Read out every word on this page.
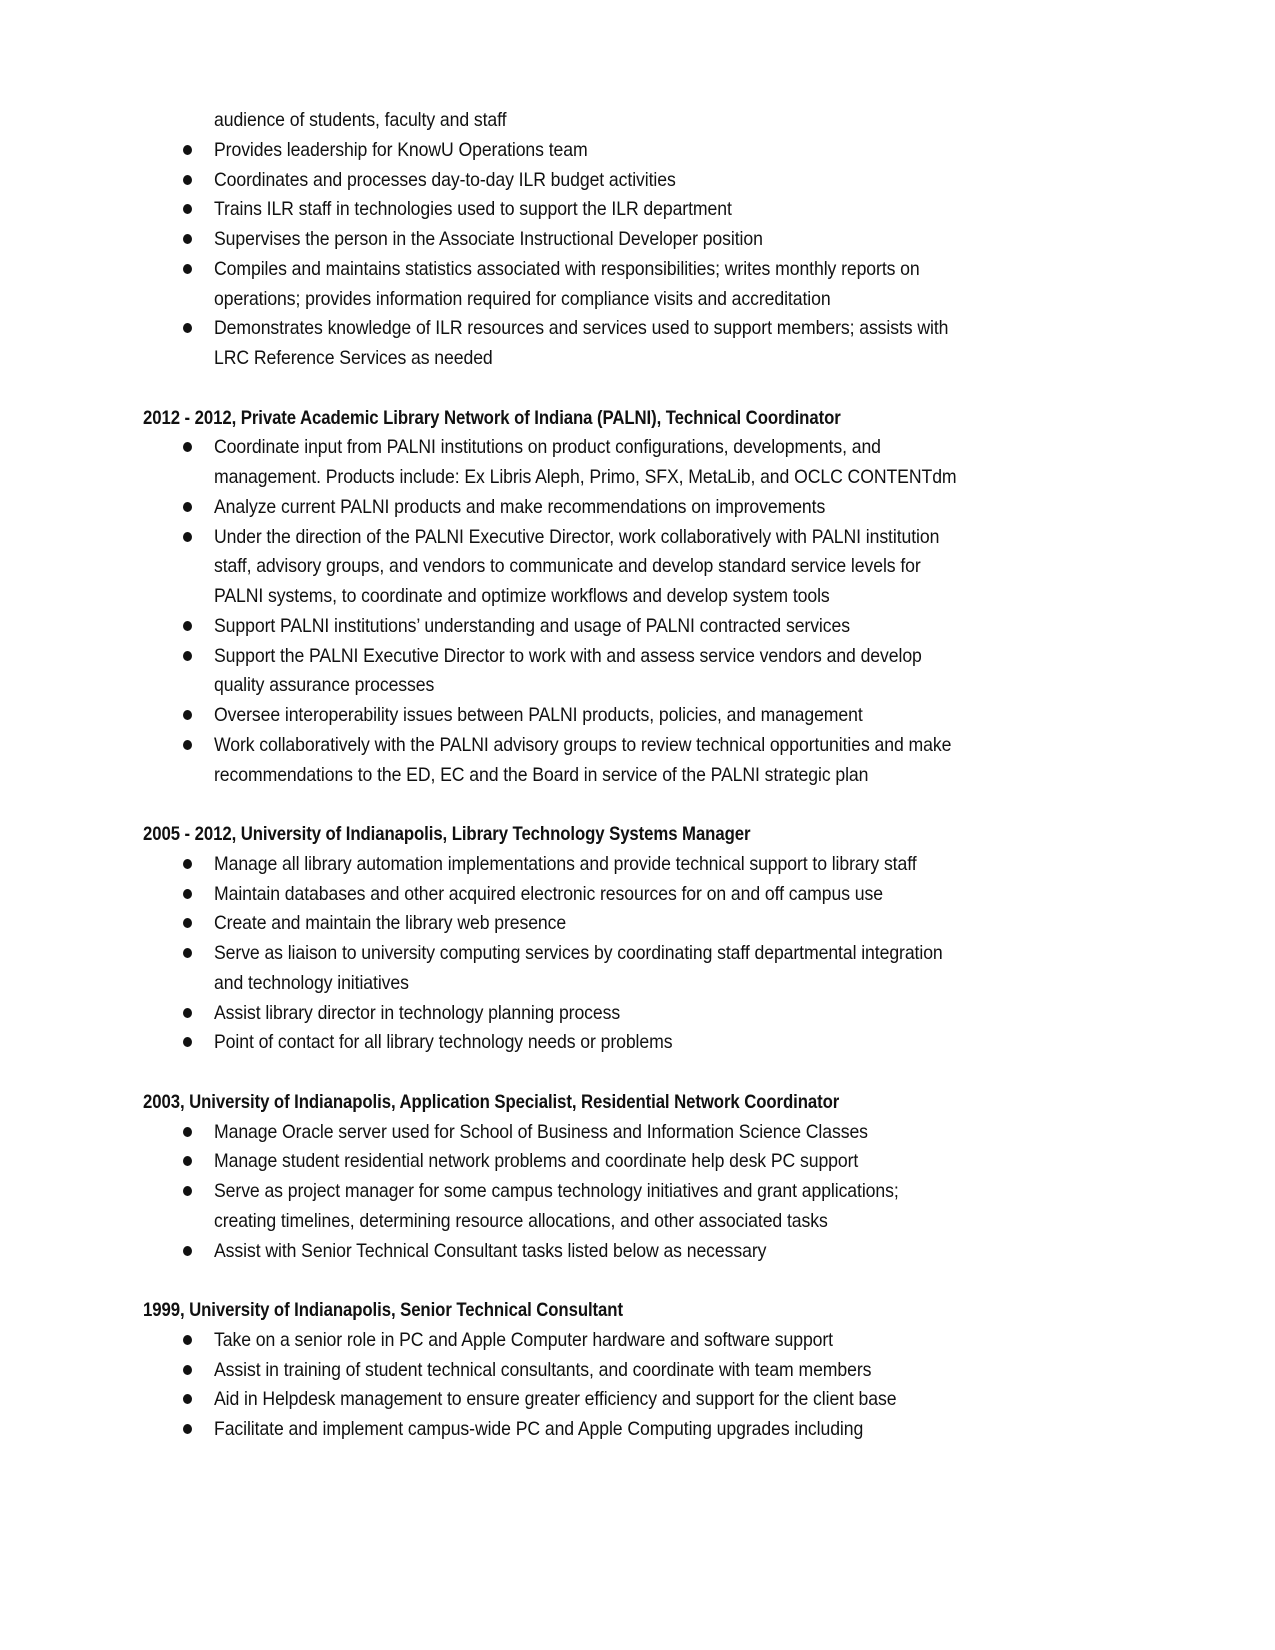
audience of students, faculty and staff
Provides leadership for KnowU Operations team
Coordinates and processes day-to-day ILR budget activities
Trains ILR staff in technologies used to support the ILR department
Supervises the person in the Associate Instructional Developer position
Compiles and maintains statistics associated with responsibilities; writes monthly reports on
operations; provides information required for compliance visits and accreditation
Demonstrates knowledge of ILR resources and services used to support members; assists with
LRC Reference Services as needed
2012 - 2012, Private Academic Library Network of Indiana (PALNI), Technical Coordinator
Coordinate input from PALNI institutions on product configurations, developments, and
management. Products include: Ex Libris Aleph, Primo, SFX, MetaLib, and OCLC CONTENTdm
Analyze current PALNI products and make recommendations on improvements
Under the direction of the PALNI Executive Director, work collaboratively with PALNI institution
staff, advisory groups, and vendors to communicate and develop standard service levels for
PALNI systems, to coordinate and optimize workflows and develop system tools
Support PALNI institutions’ understanding and usage of PALNI contracted services
Support the PALNI Executive Director to work with and assess service vendors and develop
quality assurance processes
Oversee interoperability issues between PALNI products, policies, and management
Work collaboratively with the PALNI advisory groups to review technical opportunities and make
recommendations to the ED, EC and the Board in service of the PALNI strategic plan
2005 - 2012, University of Indianapolis, Library Technology Systems Manager
Manage all library automation implementations and provide technical support to library staff
Maintain databases and other acquired electronic resources for on and off campus use
Create and maintain the library web presence
Serve as liaison to university computing services by coordinating staff departmental integration
and technology initiatives
Assist library director in technology planning process
Point of contact for all library technology needs or problems
2003, University of Indianapolis, Application Specialist, Residential Network Coordinator
Manage Oracle server used for School of Business and Information Science Classes
Manage student residential network problems and coordinate help desk PC support
Serve as project manager for some campus technology initiatives and grant applications;
creating timelines, determining resource allocations, and other associated tasks
Assist with Senior Technical Consultant tasks listed below as necessary
1999, University of Indianapolis, Senior Technical Consultant
Take on a senior role in PC and Apple Computer hardware and software support
Assist in training of student technical consultants, and coordinate with team members
Aid in Helpdesk management to ensure greater efficiency and support for the client base
Facilitate and implement campus-wide PC and Apple Computing upgrades including
